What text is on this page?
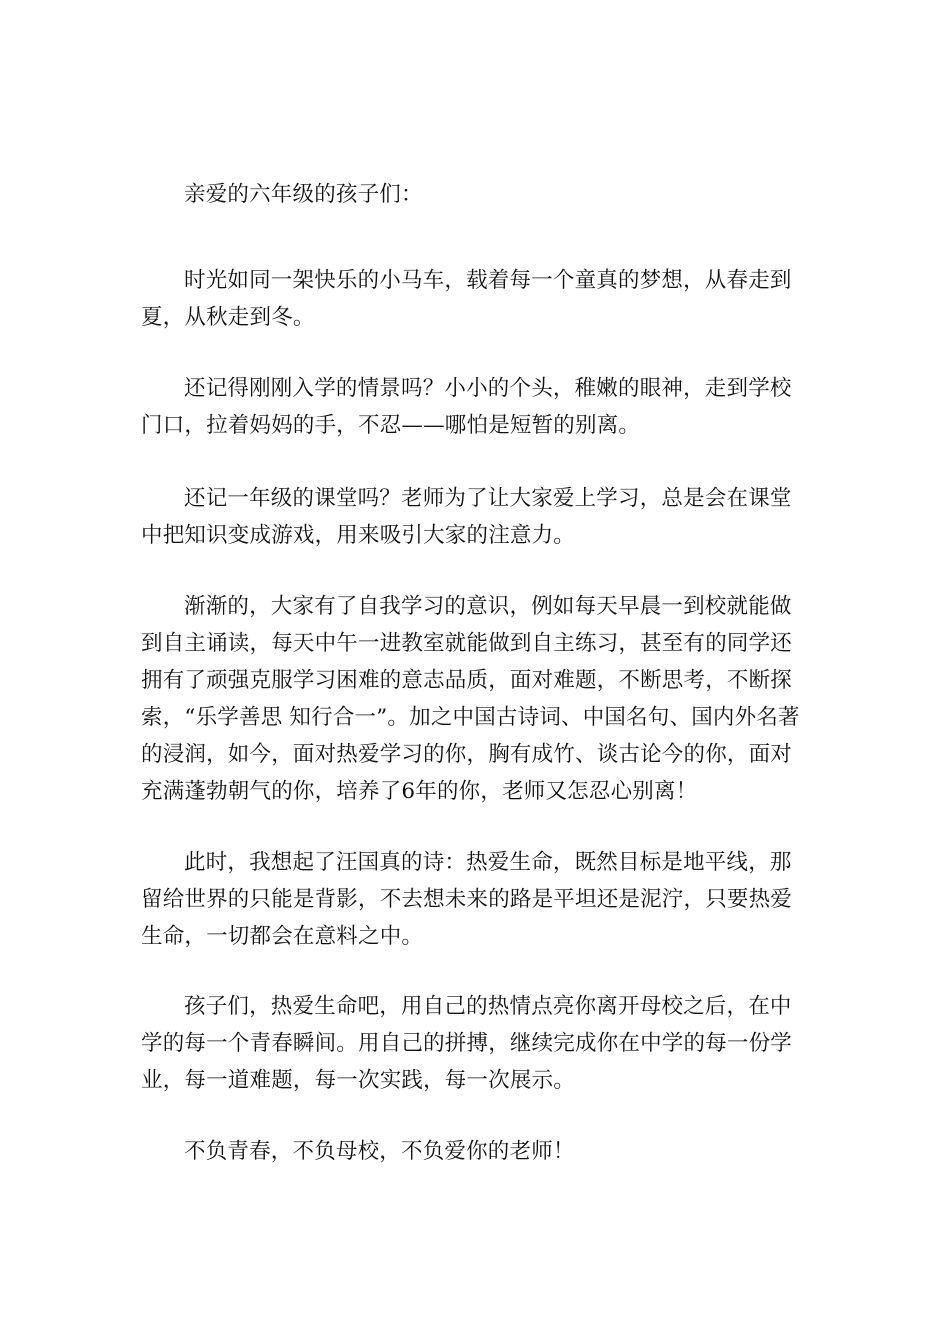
亲爱的六年级的孩子们：

时光如同一架快乐的小马车，载着每一个童真的梦想，从春走到夏，从秋走到冬。

还记得刚刚入学的情景吗？小小的个头，稚嫩的眼神，走到学校门口，拉着妈妈的手，不忍——哪怕是短暂的别离。

还记一年级的课堂吗？老师为了让大家爱上学习，总是会在课堂中把知识变成游戏，用来吸引大家的注意力。

渐渐的，大家有了自我学习的意识，例如每天早晨一到校就能做到自主诵读，每天中午一进教室就能做到自主练习，甚至有的同学还拥有了顽强克服学习困难的意志品质，面对难题，不断思考，不断探索，“乐学善思 知行合一”。加之中国古诗词、中国名句、国内外名著的浸润，如今，面对热爱学习的你，胸有成竹、谈古论今的你，面对充满蓬勃朝气的你，培养了6年的你，老师又怎忍心别离！

此时，我想起了汪国真的诗：热爱生命，既然目标是地平线，那留给世界的只能是背影，不去想未来的路是平坦还是泥泞，只要热爱生命，一切都会在意料之中。

孩子们，热爱生命吧，用自己的热情点亮你离开母校之后，在中学的每一个青春瞬间。用自己的拼搏，继续完成你在中学的每一份学业，每一道难题，每一次实践，每一次展示。

不负青春，不负母校，不负爱你的老师！
